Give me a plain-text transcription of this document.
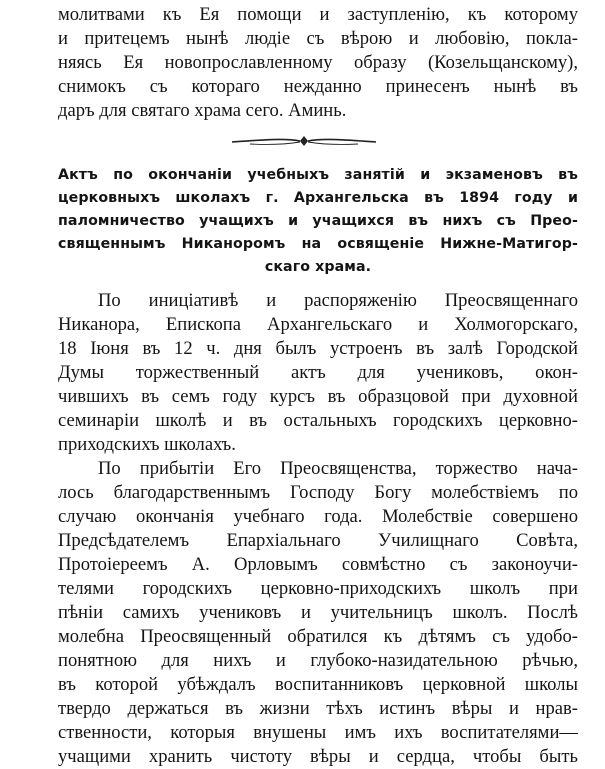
молитвами къ Ея помощи и заступленію, къ которому
и притецемъ нынѣ людіе съ вѣрою и любовію, покла-
няясь Ея новопрославленному образу (Козельщанскому),
снимокъ съ котораго нежданно принесенъ нынѣ въ
даръ для святаго храма сего. Аминь.
Актъ по окончаніи учебныхъ занятій и экзаменовъ въ
церковныхъ школахъ г. Архангельска въ 1894 году и
паломничество учащихъ и учащихся въ нихъ съ Прео-
священнымъ Никаноромъ на освященіе Нижне-Матигор-
скаго храма.
По иниціативѣ и распоряженію Преосвященнаго
Никанора, Епископа Архангельскаго и Холмогорскаго,
18 Іюня въ 12 ч. дня былъ устроенъ въ залѣ Городской
Думы торжественный актъ для учениковъ, окон-
чившихъ въ семъ году курсъ въ образцовой при духовной
семинаріи школѣ и въ остальныхъ городскихъ церковно-
приходскихъ школахъ.
По прибытіи Его Преосвященства, торжество нача-
лось благодарственнымъ Господу Богу молебствіемъ по
случаю окончанія учебнаго года. Молебствіе совершено
Предсѣдателемъ Епархіальнаго Училищнаго Совѣта,
Протоіереемъ А. Орловымъ совмѣстно съ законоучи-
телями городскихъ церковно-приходскихъ школъ при
пѣніи самихъ учениковъ и учительницъ школъ. Послѣ
молебна Преосвященный обратился къ дѣтямъ съ удобо-
понятною для нихъ и глубоко-назидательною рѣчью,
въ которой убѣждалъ воспитанниковъ церковной школы
твердо держаться въ жизни тѣхъ истинъ вѣры и нрав-
ственности, которыя внушены имъ ихъ воспитателями—
учащими хранить чистоту вѣры и сердца, чтобы быть
